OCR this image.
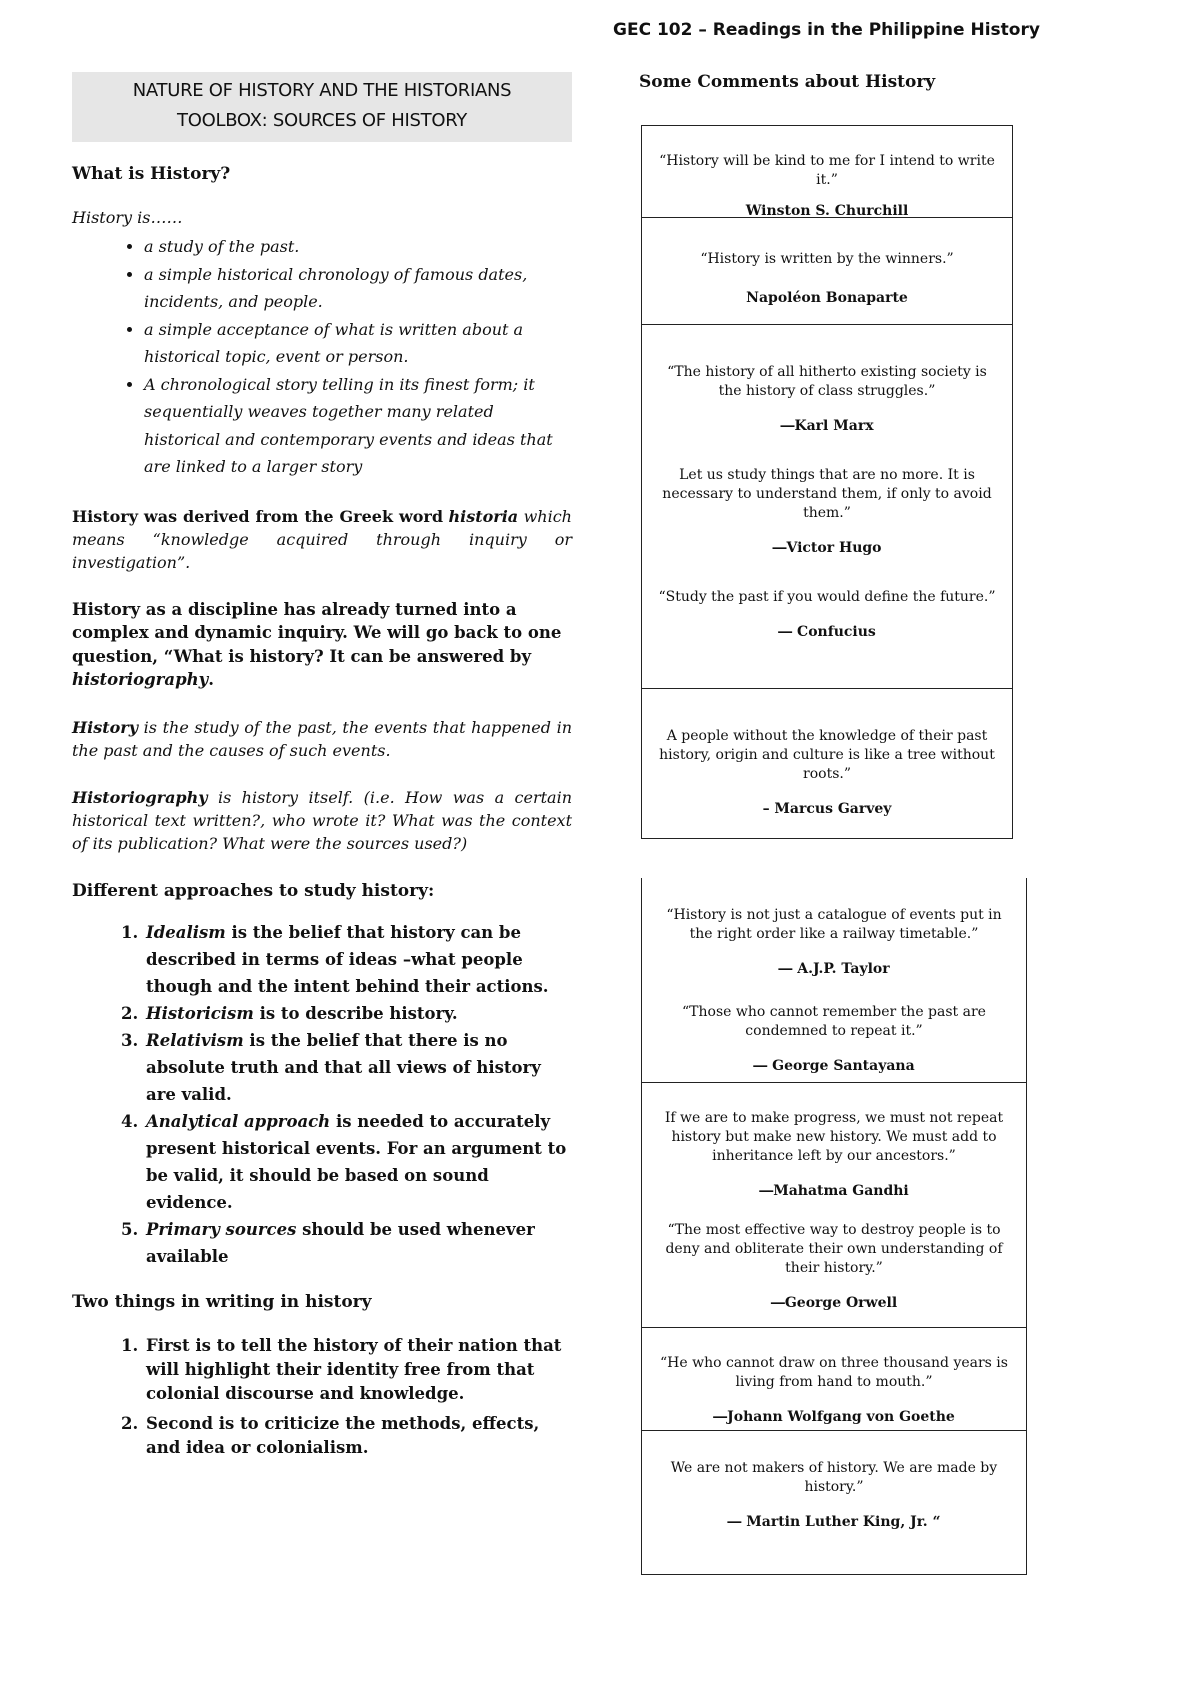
GEC 102 – Readings in the Philippine History
NATURE OF HISTORY AND THE HISTORIANS
TOOLBOX: SOURCES OF HISTORY
What is History?
History is……
• a study of the past.
• a simple historical chronology of famous dates, incidents, and people.
• a simple acceptance of what is written about a historical topic, event or person.
• A chronological story telling in its finest form; it sequentially weaves together many related historical and contemporary events and ideas that are linked to a larger story
History was derived from the Greek word historia which means “knowledge acquired through inquiry or investigation”.
History as a discipline has already turned into a complex and dynamic inquiry. We will go back to one question, “What is history? It can be answered by historiography.
History is the study of the past, the events that happened in the past and the causes of such events.
Historiography is history itself. (i.e. How was a certain historical text written?, who wrote it? What was the context of its publication? What were the sources used?)
Different approaches to study history:
1. Idealism is the belief that history can be described in terms of ideas –what people though and the intent behind their actions.
2. Historicism is to describe history.
3. Relativism is the belief that there is no absolute truth and that all views of history are valid.
4. Analytical approach is needed to accurately present historical events. For an argument to be valid, it should be based on sound evidence.
5. Primary sources should be used whenever available
Two things in writing in history
1. First is to tell the history of their nation that will highlight their identity free from that colonial discourse and knowledge.
2. Second is to criticize the methods, effects, and idea or colonialism.
Some Comments about History
“History will be kind to me for I intend to write it.”
Winston S. Churchill
“History is written by the winners.”
Napoléon Bonaparte
“The history of all hitherto existing society is the history of class struggles.”
―Karl Marx
Let us study things that are no more. It is necessary to understand them, if only to avoid them.”
―Victor Hugo
“Study the past if you would define the future.”
― Confucius
A people without the knowledge of their past history, origin and culture is like a tree without roots.”
– Marcus Garvey
“History is not just a catalogue of events put in the right order like a railway timetable.”
― A.J.P. Taylor
“Those who cannot remember the past are condemned to repeat it.”
― George Santayana
If we are to make progress, we must not repeat history but make new history. We must add to inheritance left by our ancestors.”
―Mahatma Gandhi
“The most effective way to destroy people is to deny and obliterate their own understanding of their history.”
―George Orwell
“He who cannot draw on three thousand years is living from hand to mouth.”
―Johann Wolfgang von Goethe
We are not makers of history. We are made by history.”
― Martin Luther King, Jr. “
